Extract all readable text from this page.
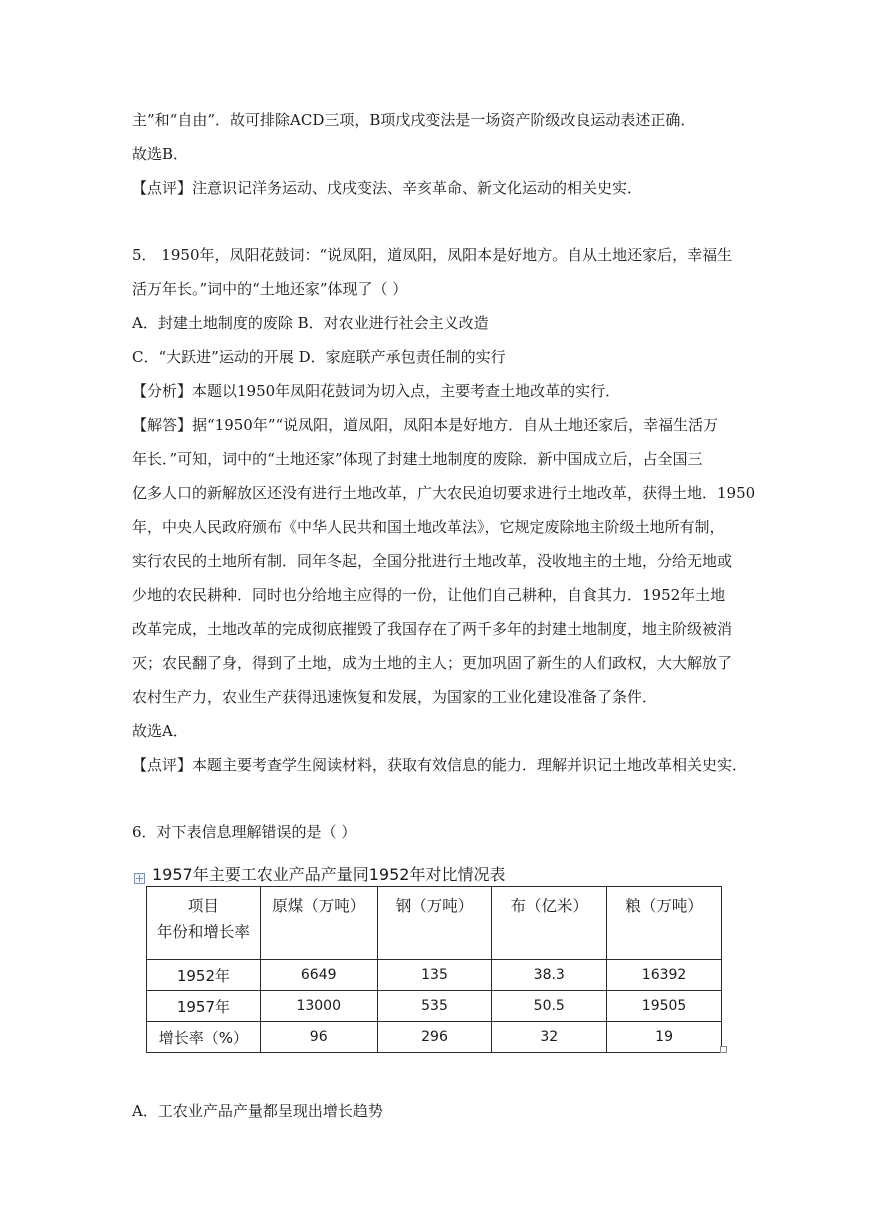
主”和“自由”．故可排除ACD三项，B项戊戌变法是一场资产阶级改良运动表述正确．
故选B．
【点评】注意识记洋务运动、戊戌变法、辛亥革命、新文化运动的相关史实．
5． 1950年，凤阳花鼓词：“说凤阳，道凤阳，凤阳本是好地方。自从土地还家后，幸福生
活万年长。”词中的“土地还家”体现了（ ）
A．封建土地制度的废除 B．对农业进行社会主义改造
C．“大跃进”运动的开展 D．家庭联产承包责任制的实行
【分析】本题以1950年凤阳花鼓词为切入点，主要考查土地改革的实行．
【解答】据“1950年”“说凤阳，道凤阳，凤阳本是好地方．自从土地还家后，幸福生活万
年长．”可知，词中的“土地还家”体现了封建土地制度的废除．新中国成立后，占全国三
亿多人口的新解放区还没有进行土地改革，广大农民迫切要求进行土地改革，获得土地．1950
年，中央人民政府颁布《中华人民共和国土地改革法》，它规定废除地主阶级土地所有制，
实行农民的土地所有制．同年冬起，全国分批进行土地改革，没收地主的土地，分给无地或
少地的农民耕种．同时也分给地主应得的一份，让他们自己耕种，自食其力．1952年土地
改革完成，土地改革的完成彻底摧毁了我国存在了两千多年的封建土地制度，地主阶级被消
灭；农民翻了身，得到了土地，成为土地的主人；更加巩固了新生的人们政权，大大解放了
农村生产力，农业生产获得迅速恢复和发展，为国家的工业化建设准备了条件．
故选A．
【点评】本题主要考查学生阅读材料，获取有效信息的能力．理解并识记土地改革相关史实．
6．对下表信息理解错误的是（ ）
1957年主要工农业产品产量同1952年对比情况表
项目
年份和增长率	原煤（万吨）	钢（万吨）	布（亿米）	粮（万吨）
1952年	6649	135	38.3	16392
1957年	13000	535	50.5	19505
增长率（%）	96	296	32	19
A．工农业产品产量都呈现出增长趋势
